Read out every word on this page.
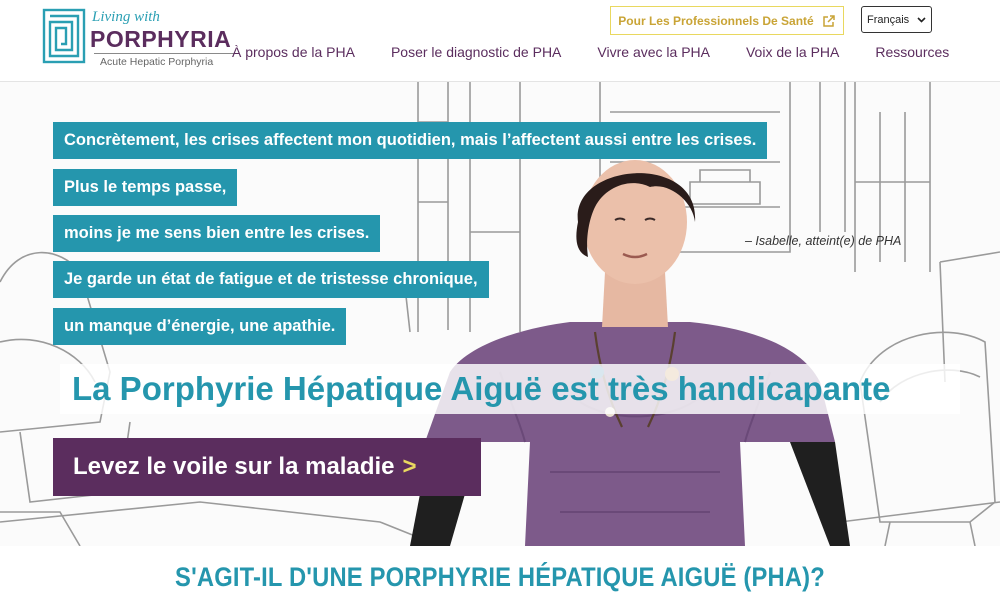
Living with
PORPHYRIA
Acute Hepatic Porphyria
Pour Les Professionnels De Santé	Français
À propos de la PHA	Poser le diagnostic de PHA	Vivre avec la PHA	Voix de la PHA	Ressources
Concrètement, les crises affectent mon quotidien, mais l’affectent aussi entre les crises.
Plus le temps passe,
moins je me sens bien entre les crises.
Je garde un état de fatigue et de tristesse chronique,
un manque d’énergie, une apathie.
– Isabelle, atteint(e) de PHA
La Porphyrie Hépatique Aiguë est très handicapante
Levez le voile sur la maladie >
S'AGIT-IL D'UNE PORPHYRIE HÉPATIQUE AIGUË (PHA)?
